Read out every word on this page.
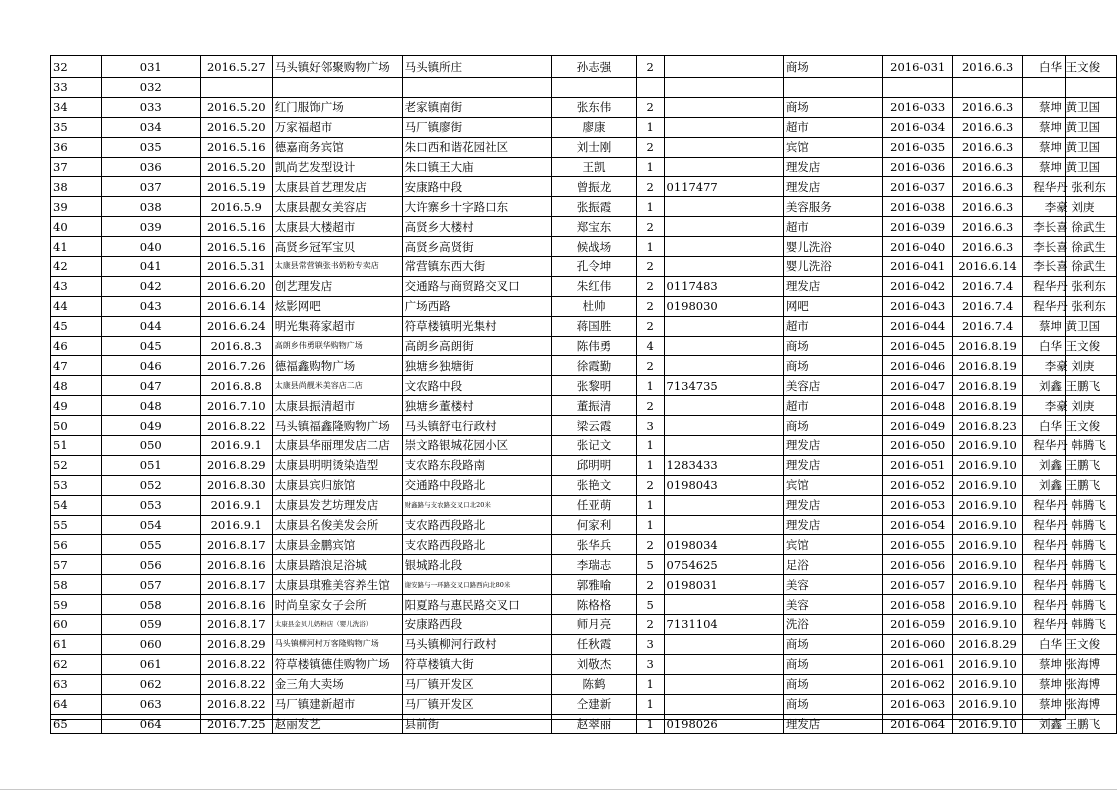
32	031	2016.5.27	马头镇好邻聚购物广场	马头镇所庄	孙志强	2		商场	2016-031	2016.6.3	白华 王文俊
33	032										
34	033	2016.5.20	红门服饰广场	老家镇南街	张东伟	2		商场	2016-033	2016.6.3	蔡坤 黄卫国
35	034	2016.5.20	万家福超市	马厂镇廖街	廖康	1		超市	2016-034	2016.6.3	蔡坤 黄卫国
36	035	2016.5.16	德嘉商务宾馆	朱口西和谐花园社区	刘士刚	2		宾馆	2016-035	2016.6.3	蔡坤 黄卫国
37	036	2016.5.20	凯尚艺发型设计	朱口镇王大庙	王凯	1		理发店	2016-036	2016.6.3	蔡坤 黄卫国
38	037	2016.5.19	太康县首艺理发店	安康路中段	曾振龙	2	0117477	理发店	2016-037	2016.6.3	程华丹 张利东
39	038	2016.5.9	太康县靓女美容店	大许寨乡十字路口东	张振霞	1		美容服务	2016-038	2016.6.3	李豪 刘庚
40	039	2016.5.16	太康县大楼超市	高贤乡大楼村	郑宝东	2		超市	2016-039	2016.6.3	李长喜 徐武生
41	040	2016.5.16	高贤乡冠军宝贝	高贤乡高贤街	候战场	1		婴儿洗浴	2016-040	2016.6.3	李长喜 徐武生
42	041	2016.5.31	太康县常营镇张书奶粉专卖店	常营镇东西大街	孔令坤	2		婴儿洗浴	2016-041	2016.6.14	李长喜 徐武生
43	042	2016.6.20	创艺理发店	交通路与商贸路交叉口	朱红伟	2	0117483	理发店	2016-042	2016.7.4	程华丹 张利东
44	043	2016.6.14	炫影网吧	广场西路	杜帅	2	0198030	网吧	2016-043	2016.7.4	程华丹 张利东
45	044	2016.6.24	明光集蒋家超市	符草楼镇明光集村	蒋国胜	2		超市	2016-044	2016.7.4	蔡坤 黄卫国
46	045	2016.8.3	高朗乡伟勇联华购物广场	高朗乡高朗街	陈伟勇	4		商场	2016-045	2016.8.19	白华 王文俊
47	046	2016.7.26	德福鑫购物广场	独塘乡独塘街	徐霞勤	2		商场	2016-046	2016.8.19	李豪 刘庚
48	047	2016.8.8	太康县尚靓米美容店二店	文农路中段	张黎明	1	7134735	美容店	2016-047	2016.8.19	刘鑫 王鹏飞
49	048	2016.7.10	太康县振清超市	独塘乡董楼村	董振清	2		超市	2016-048	2016.8.19	李豪 刘庚
50	049	2016.8.22	马头镇福鑫隆购物广场	马头镇舒屯行政村	梁云霞	3		商场	2016-049	2016.8.23	白华 王文俊
51	050	2016.9.1	太康县华丽理发店二店	崇文路银城花园小区	张记文	1		理发店	2016-050	2016.9.10	程华丹 韩腾飞
52	051	2016.8.29	太康县明明烫染造型	支农路东段路南	邱明明	1	1283433	理发店	2016-051	2016.9.10	刘鑫 王鹏飞
53	052	2016.8.30	太康县宾归旅馆	交通路中段路北	张艳文	2	0198043	宾馆	2016-052	2016.9.10	刘鑫 王鹏飞
54	053	2016.9.1	太康县发艺坊理发店	财鑫路与支农路交叉口北20米	任亚萌	1		理发店	2016-053	2016.9.10	程华丹 韩腾飞
55	054	2016.9.1	太康县名俊美发会所	支农路西段路北	何家利	1		理发店	2016-054	2016.9.10	程华丹 韩腾飞
56	055	2016.8.17	太康县金鹏宾馆	支农路西段路北	张华兵	2	0198034	宾馆	2016-055	2016.9.10	程华丹 韩腾飞
57	056	2016.8.16	太康县踏浪足浴城	银城路北段	李瑞志	5	0754625	足浴	2016-056	2016.9.10	程华丹 韩腾飞
58	057	2016.8.17	太康县琪雅美容养生馆	谢安路与一环路交叉口路西向北80米	郭雅喻	2	0198031	美容	2016-057	2016.9.10	程华丹 韩腾飞
59	058	2016.8.16	时尚皇家女子会所	阳夏路与惠民路交叉口	陈格格	5		美容	2016-058	2016.9.10	程华丹 韩腾飞
60	059	2016.8.17	太康县金贝儿奶粉店（婴儿洗浴）	安康路西段	师月亮	2	7131104	洗浴	2016-059	2016.9.10	程华丹 韩腾飞
61	060	2016.8.29	马头镇柳河村万客隆购物广场	马头镇柳河行政村	任秋霞	3		商场	2016-060	2016.8.29	白华 王文俊
62	061	2016.8.22	符草楼镇德佳购物广场	符草楼镇大街	刘敬杰	3		商场	2016-061	2016.9.10	蔡坤 张海博
63	062	2016.8.22	金三角大卖场	马厂镇开发区	陈鹤	1		商场	2016-062	2016.9.10	蔡坤 张海博
64	063	2016.8.22	马厂镇建新超市	马厂镇开发区	仝建新	1		商场	2016-063	2016.9.10	蔡坤 张海博
65	064	2016.7.25	赵丽发艺	县前街	赵翠丽	1	0198026	理发店	2016-064	2016.9.10	刘鑫 王鹏飞
